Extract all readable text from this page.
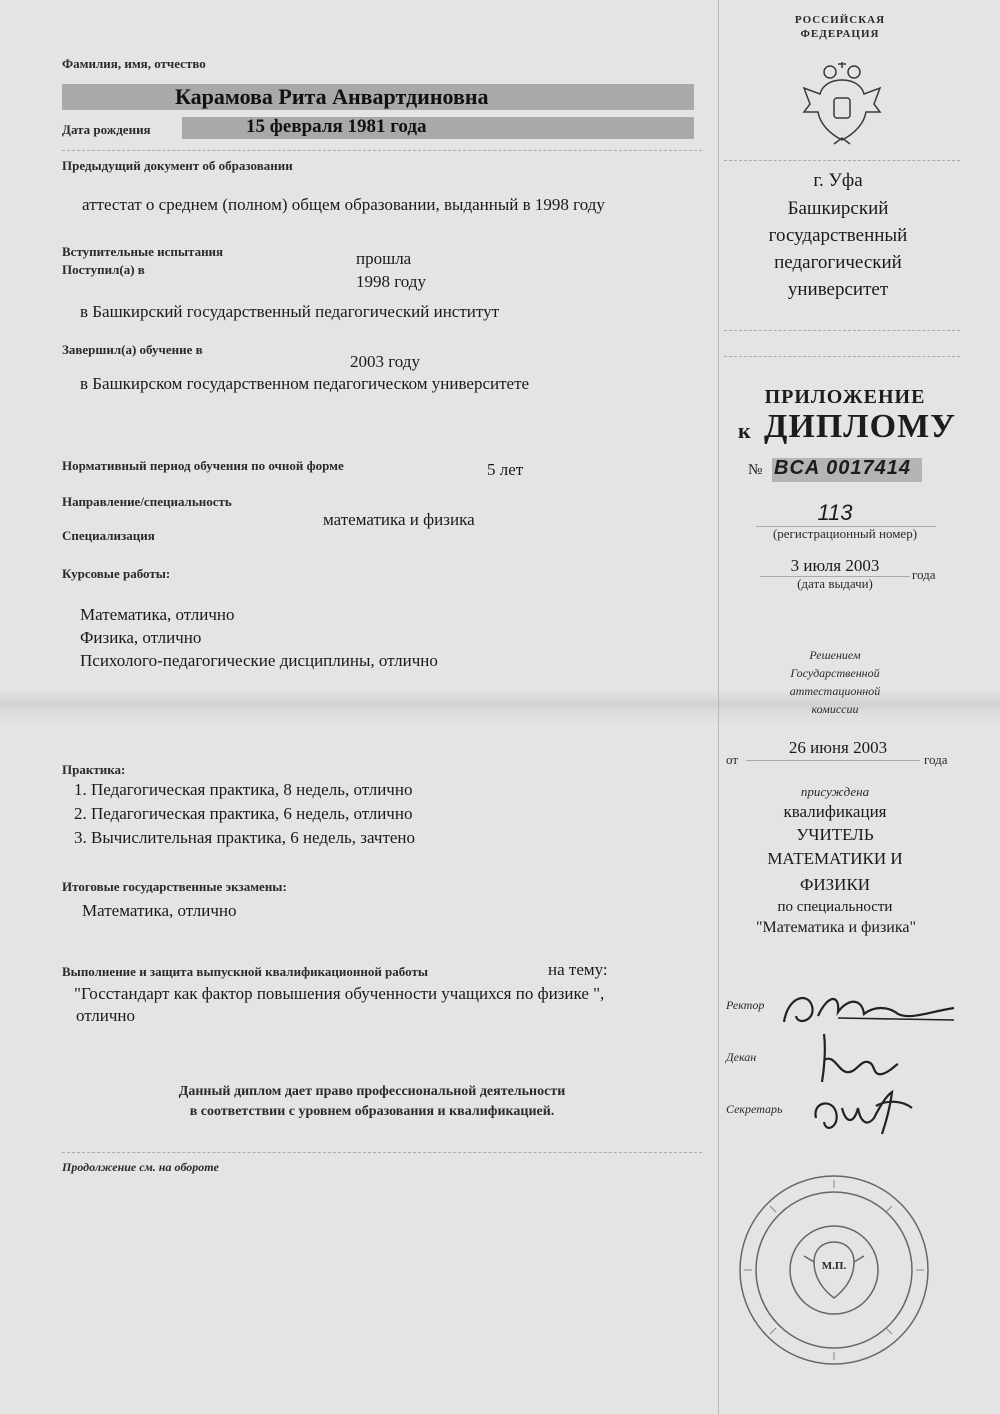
Фамилия, имя, отчество
Карамова Рита Анвартдиновна
Дата рождения	15 февраля 1981 года
Предыдущий документ об образовании
аттестат о среднем (полном) общем образовании, выданный в 1998 году
Вступительные испытания	прошла
Поступил(а) в
1998 году
в Башкирский государственный педагогический институт
Завершил(а) обучение в
2003 году
в Башкирском государственном педагогическом университете
Нормативный период обучения по очной форме	5 лет
Направление/специальность
математика и физика
Специализация
Курсовые работы:
Математика, отлично
Физика, отлично
Психолого-педагогические дисциплины, отлично
Практика:
1. Педагогическая практика, 8 недель, отлично
2. Педагогическая практика, 6 недель, отлично
3. Вычислительная практика, 6 недель, зачтено
Итоговые государственные экзамены:
Математика, отлично
Выполнение и защита выпускной квалификационной работы	на тему:
"Госстандарт как фактор повышения обученности учащихся по физике ",
отлично
Данный диплом дает право профессиональной деятельности
в соответствии с уровнем образования и квалификацией.
Продолжение см. на обороте
РОССИЙСКАЯ
ФЕДЕРАЦИЯ
г. Уфа
Башкирский
государственный
педагогический
университет
ПРИЛОЖЕНИЕ
к ДИПЛОМУ
№ BCA 0017414
113
(регистрационный номер)
3 июля 2003	года
(дата выдачи)
Решением
Государственной
аттестационной
комиссии
от
26 июня 2003
года
присуждена
квалификация
УЧИТЕЛЬ
МАТЕМАТИКИ И
ФИЗИКИ
по специальности
"Математика и физика"
Ректор
Декан
Секретарь
М.П.
